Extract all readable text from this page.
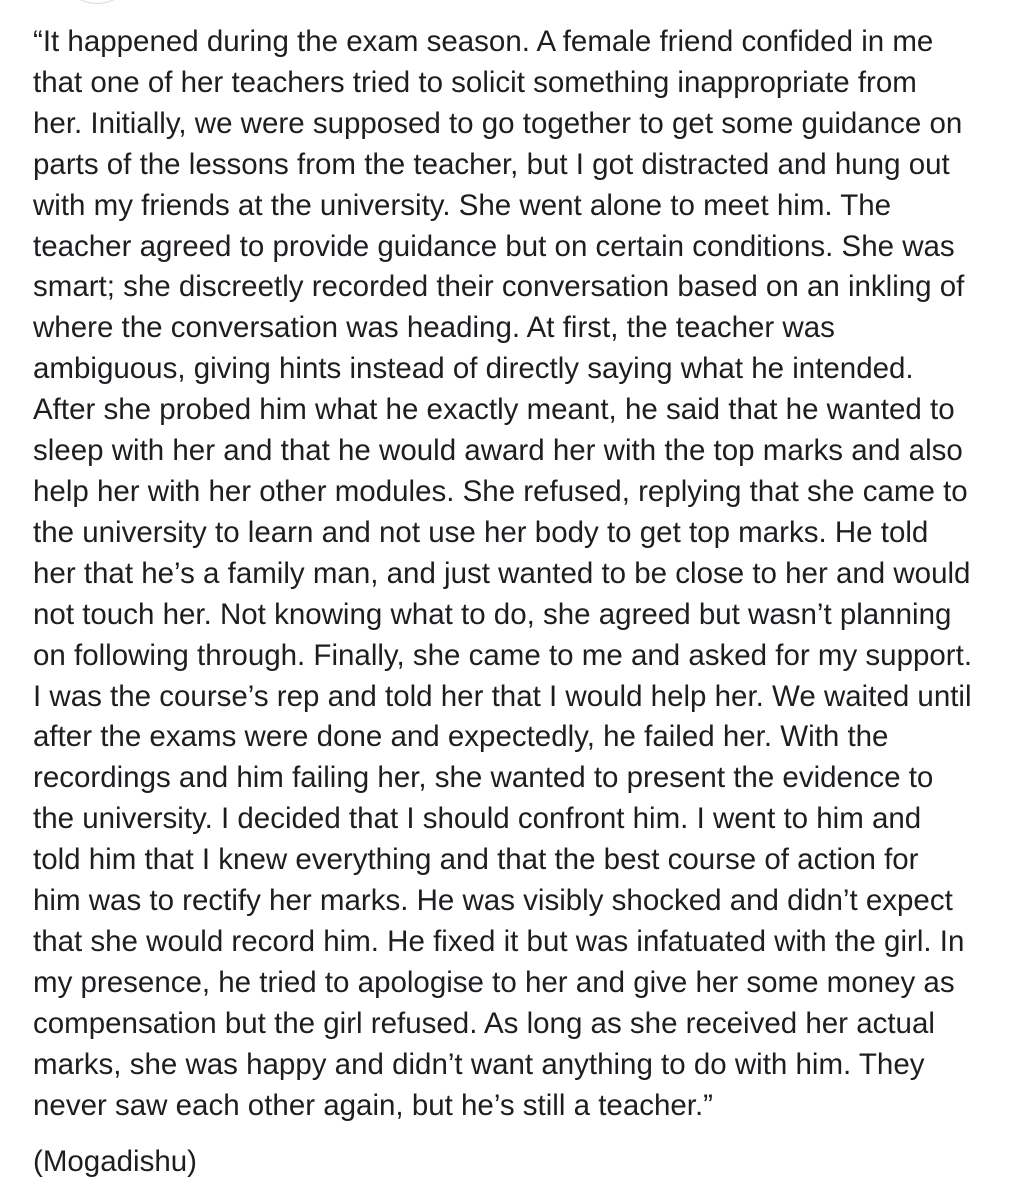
“It happened during the exam season. A female friend confided in me
that one of her teachers tried to solicit something inappropriate from
her. Initially, we were supposed to go together to get some guidance on
parts of the lessons from the teacher, but I got distracted and hung out
with my friends at the university. She went alone to meet him. The
teacher agreed to provide guidance but on certain conditions. She was
smart; she discreetly recorded their conversation based on an inkling of
where the conversation was heading. At first, the teacher was
ambiguous, giving hints instead of directly saying what he intended.
After she probed him what he exactly meant, he said that he wanted to
sleep with her and that he would award her with the top marks and also
help her with her other modules. She refused, replying that she came to
the university to learn and not use her body to get top marks. He told
her that he’s a family man, and just wanted to be close to her and would
not touch her. Not knowing what to do, she agreed but wasn’t planning
on following through. Finally, she came to me and asked for my support.
I was the course’s rep and told her that I would help her. We waited until
after the exams were done and expectedly, he failed her. With the
recordings and him failing her, she wanted to present the evidence to
the university. I decided that I should confront him. I went to him and
told him that I knew everything and that the best course of action for
him was to rectify her marks. He was visibly shocked and didn’t expect
that she would record him. He fixed it but was infatuated with the girl. In
my presence, he tried to apologise to her and give her some money as
compensation but the girl refused. As long as she received her actual
marks, she was happy and didn’t want anything to do with him. They
never saw each other again, but he’s still a teacher.”
(Mogadishu)
